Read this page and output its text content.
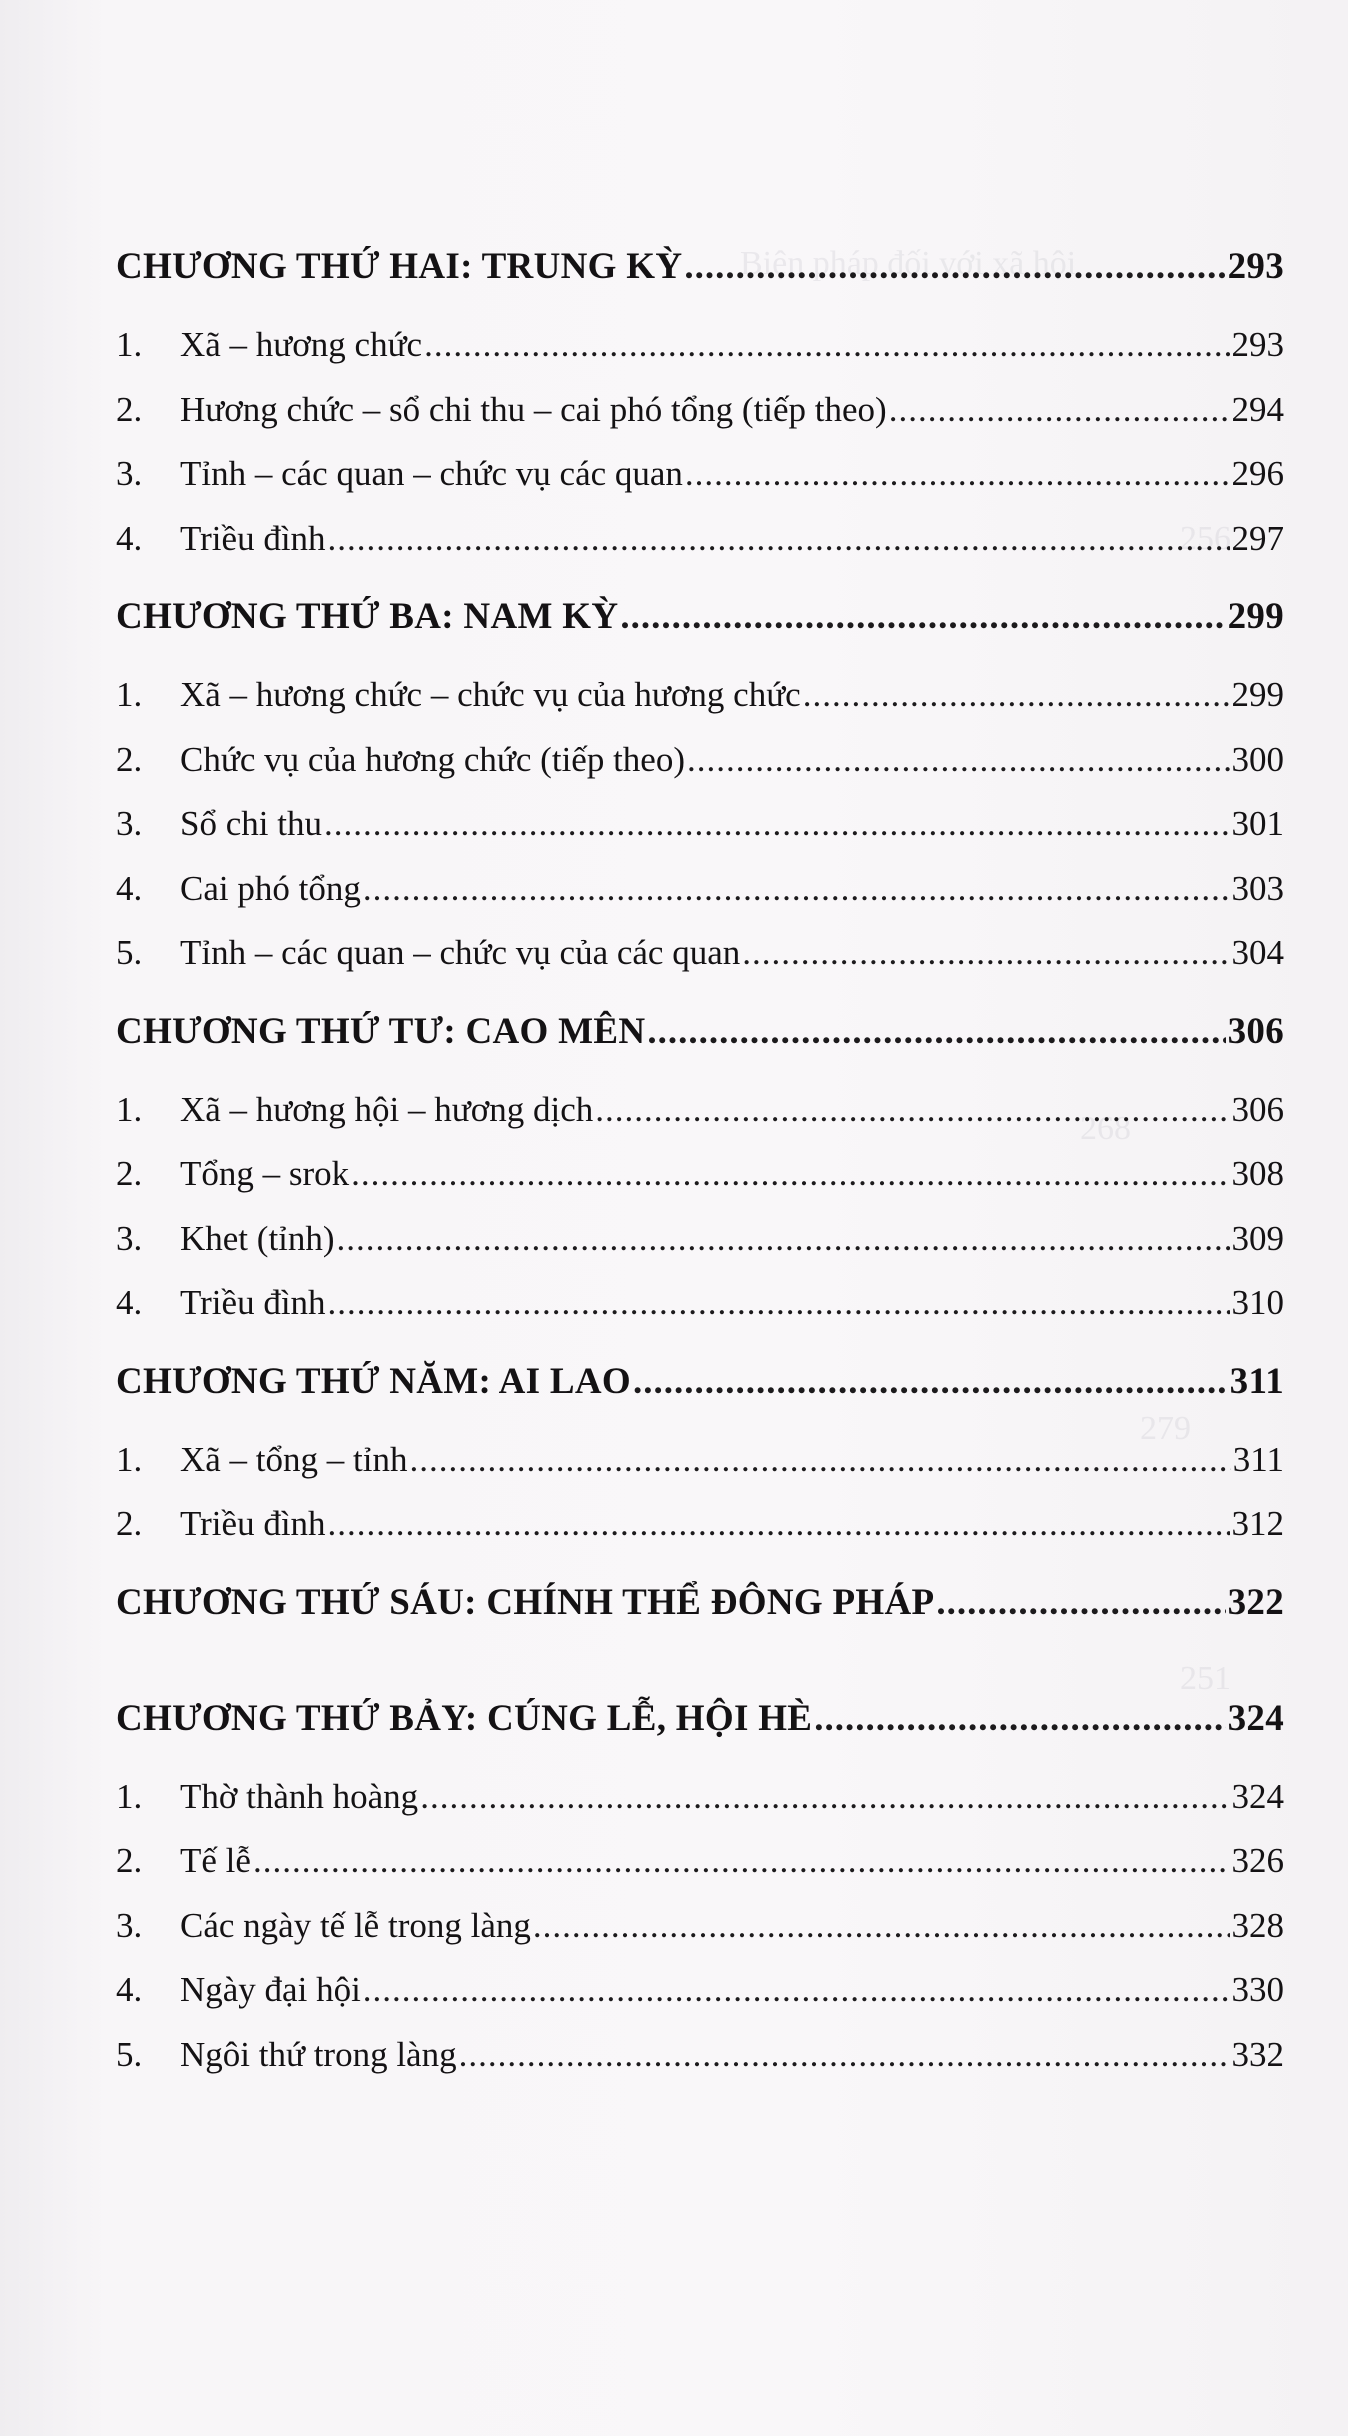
Biện pháp đối với xã hội
256
268
279
251
CHƯƠNG THỨ HAI: TRUNG KỲ .....	293
1.	Xã – hương chức .....	293
2.	Hương chức – sổ chi thu – cai phó tổng (tiếp theo) .....	294
3.	Tỉnh – các quan – chức vụ các quan .....	296
4.	Triều đình .....	297
CHƯƠNG THỨ BA: NAM KỲ .....	299
1.	Xã – hương chức – chức vụ của hương chức .....	299
2.	Chức vụ của hương chức (tiếp theo) .....	300
3.	Sổ chi thu .....	301
4.	Cai phó tổng .....	303
5.	Tỉnh – các quan – chức vụ của các quan .....	304
CHƯƠNG THỨ TƯ: CAO MÊN .....	306
1.	Xã – hương hội – hương dịch .....	306
2.	Tổng – srok .....	308
3.	Khet (tỉnh) .....	309
4.	Triều đình .....	310
CHƯƠNG THỨ NĂM: AI LAO .....	311
1.	Xã – tổng – tỉnh .....	311
2.	Triều đình .....	312
CHƯƠNG THỨ SÁU: CHÍNH THỂ ĐÔNG PHÁP .....	322
CHƯƠNG THỨ BẢY: CÚNG LỄ, HỘI HÈ .....	324
1.	Thờ thành hoàng .....	324
2.	Tế lễ .....	326
3.	Các ngày tế lễ trong làng .....	328
4.	Ngày đại hội .....	330
5.	Ngôi thứ trong làng .....	332
